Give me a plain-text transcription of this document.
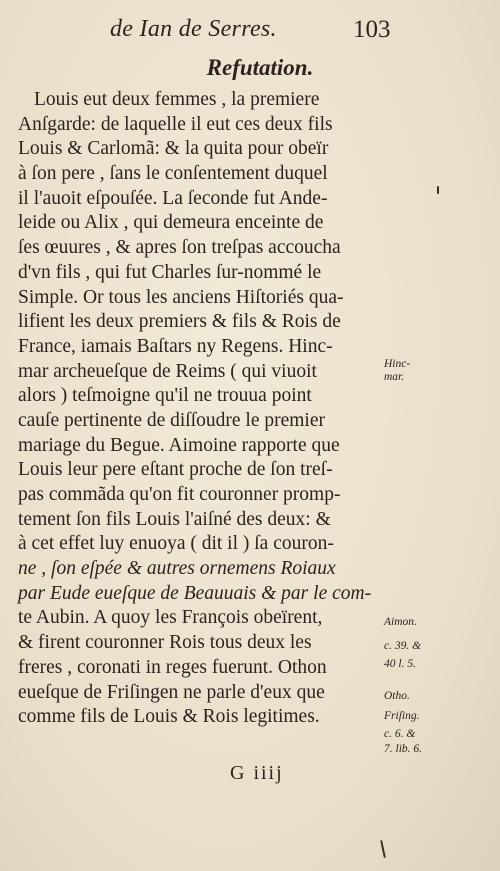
de Ian de Serres.	103
Refutation.
Louis eut deux femmes , la premiere
Anſgarde: de laquelle il eut ces deux fils
Louis & Carlomã: & la quita pour obeïr
à ſon pere , ſans le conſentement duquel
il l'auoit eſpouſée. La ſeconde fut Ande-
leide ou Alix , qui demeura enceinte de
ſes œuures , & apres ſon treſpas accoucha
d'vn fils , qui fut Charles ſur-nommé le
Simple. Or tous les anciens Hiſtoriés qua-
lifient les deux premiers & fils & Rois de
France, iamais Baſtars ny Regens. Hinc-
mar archeueſque de Reims ( qui viuoit
alors ) teſmoigne qu'il ne trouua point
cauſe pertinente de diſſoudre le premier
mariage du Begue. Aimoine rapporte que
Louis leur pere eſtant proche de ſon treſ-
pas commãda qu'on fit couronner promp-
tement ſon fils Louis l'aiſné des deux: &
à cet effet luy enuoya ( dit il ) ſa couron-
ne , ſon eſpée & autres ornemens Roiaux
par Eude eueſque de Beauuais & par le com-
te Aubin. A quoy les François obeïrent,
& firent couronner Rois tous deux les
freres , coronati in reges fuerunt. Othon
eueſque de Friſingen ne parle d'eux que
comme fils de Louis & Rois legitimes.
Hinc-
mar.
Aimon.
c. 39. &
40 l. 5.
Otho.
Friſing.
c. 6. &
7. lib. 6.
G iiij
